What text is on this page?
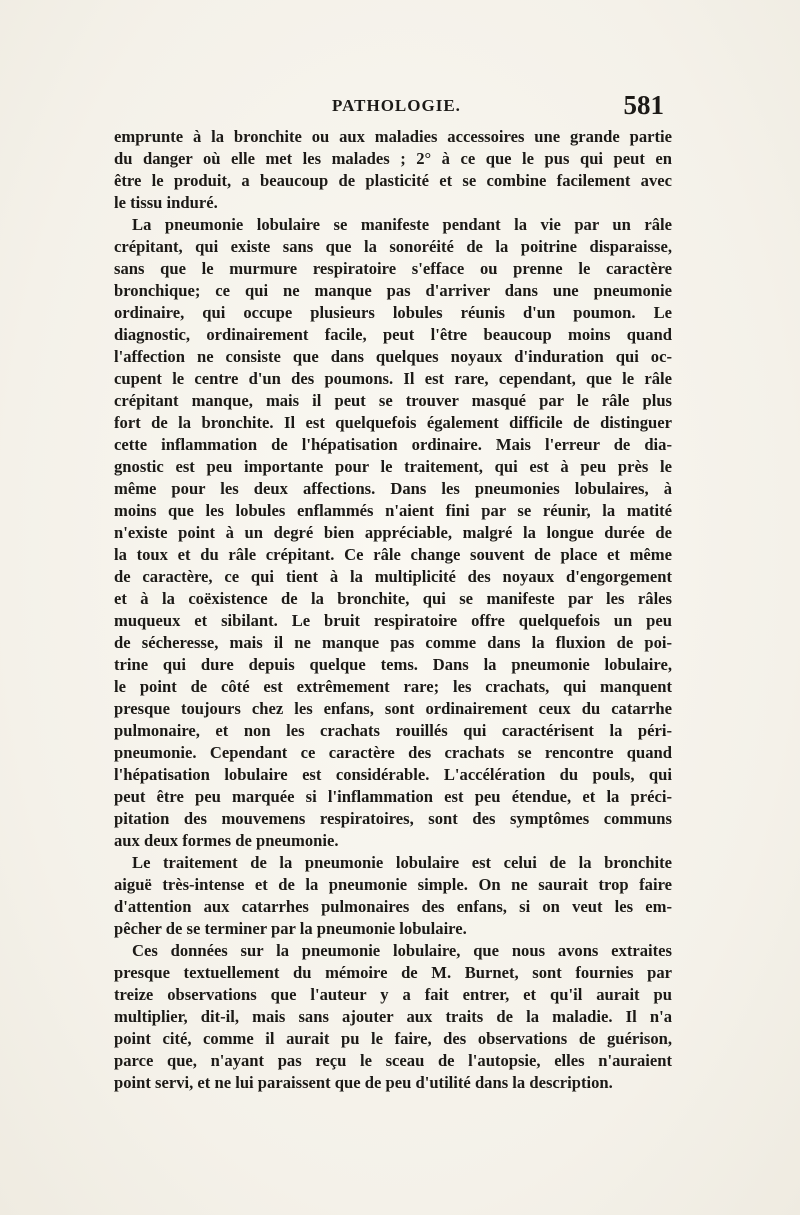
PATHOLOGIE.	581

emprunte à la bronchite ou aux maladies accessoires une grande partie
du danger où elle met les malades ; 2° à ce que le pus qui peut en
être le produit, a beaucoup de plasticité et se combine facilement avec
le tissu induré.

La pneumonie lobulaire se manifeste pendant la vie par un râle
crépitant, qui existe sans que la sonoréité de la poitrine disparaisse,
sans que le murmure respiratoire s'efface ou prenne le caractère
bronchique; ce qui ne manque pas d'arriver dans une pneumonie
ordinaire, qui occupe plusieurs lobules réunis d'un poumon. Le
diagnostic, ordinairement facile, peut l'être beaucoup moins quand
l'affection ne consiste que dans quelques noyaux d'induration qui oc-
cupent le centre d'un des poumons. Il est rare, cependant, que le râle
crépitant manque, mais il peut se trouver masqué par le râle plus
fort de la bronchite. Il est quelquefois également difficile de distinguer
cette inflammation de l'hépatisation ordinaire. Mais l'erreur de dia-
gnostic est peu importante pour le traitement, qui est à peu près le
même pour les deux affections. Dans les pneumonies lobulaires, à
moins que les lobules enflammés n'aient fini par se réunir, la matité
n'existe point à un degré bien appréciable, malgré la longue durée de
la toux et du râle crépitant. Ce râle change souvent de place et même
de caractère, ce qui tient à la multiplicité des noyaux d'engorgement
et à la coëxistence de la bronchite, qui se manifeste par les râles
muqueux et sibilant. Le bruit respiratoire offre quelquefois un peu
de sécheresse, mais il ne manque pas comme dans la fluxion de poi-
trine qui dure depuis quelque tems. Dans la pneumonie lobulaire,
le point de côté est extrêmement rare; les crachats, qui manquent
presque toujours chez les enfans, sont ordinairement ceux du catarrhe
pulmonaire, et non les crachats rouillés qui caractérisent la péri-
pneumonie. Cependant ce caractère des crachats se rencontre quand
l'hépatisation lobulaire est considérable. L'accélération du pouls, qui
peut être peu marquée si l'inflammation est peu étendue, et la préci-
pitation des mouvemens respiratoires, sont des symptômes communs
aux deux formes de pneumonie.

Le traitement de la pneumonie lobulaire est celui de la bronchite
aiguë très-intense et de la pneumonie simple. On ne saurait trop faire
d'attention aux catarrhes pulmonaires des enfans, si on veut les em-
pêcher de se terminer par la pneumonie lobulaire.

Ces données sur la pneumonie lobulaire, que nous avons extraites
presque textuellement du mémoire de M. Burnet, sont fournies par
treize observations que l'auteur y a fait entrer, et qu'il aurait pu
multiplier, dit-il, mais sans ajouter aux traits de la maladie. Il n'a
point cité, comme il aurait pu le faire, des observations de guérison,
parce que, n'ayant pas reçu le sceau de l'autopsie, elles n'auraient
point servi, et ne lui paraissent que de peu d'utilité dans la description.
